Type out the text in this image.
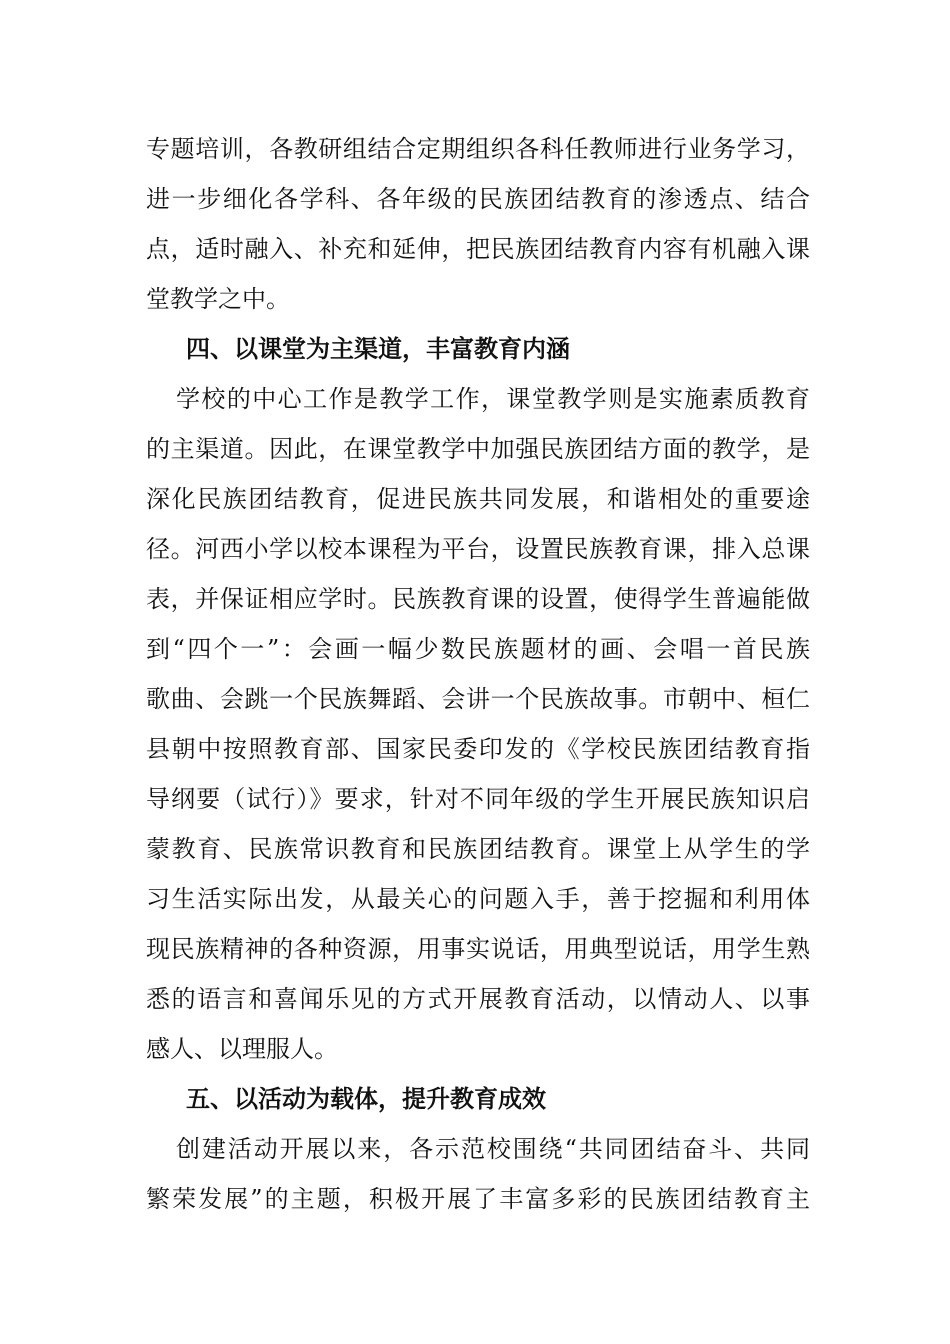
专题培训，各教研组结合定期组织各科任教师进行业务学习，
进一步细化各学科、各年级的民族团结教育的渗透点、结合
点，适时融入、补充和延伸，把民族团结教育内容有机融入课
堂教学之中。
四、以课堂为主渠道，丰富教育内涵
学校的中心工作是教学工作，课堂教学则是实施素质教育
的主渠道。因此，在课堂教学中加强民族团结方面的教学，是
深化民族团结教育，促进民族共同发展，和谐相处的重要途
径。河西小学以校本课程为平台，设置民族教育课，排入总课
表，并保证相应学时。民族教育课的设置，使得学生普遍能做
到“四个一”：会画一幅少数民族题材的画、会唱一首民族
歌曲、会跳一个民族舞蹈、会讲一个民族故事。市朝中、桓仁
县朝中按照教育部、国家民委印发的《学校民族团结教育指
导纲要（试行）》要求，针对不同年级的学生开展民族知识启
蒙教育、民族常识教育和民族团结教育。课堂上从学生的学
习生活实际出发，从最关心的问题入手，善于挖掘和利用体
现民族精神的各种资源，用事实说话，用典型说话，用学生熟
悉的语言和喜闻乐见的方式开展教育活动，以情动人、以事
感人、以理服人。
五、以活动为载体，提升教育成效
创建活动开展以来，各示范校围绕“共同团结奋斗、共同
繁荣发展”的主题，积极开展了丰富多彩的民族团结教育主
